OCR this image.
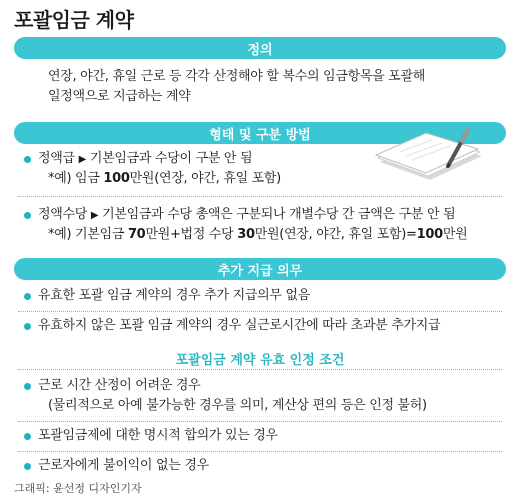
포괄임금 계약
정의
연장, 야간, 휴일 근로 등 각각 산정해야 할 복수의 임금항목을 포괄해
일정액으로 지급하는 계약
형태 및 구분 방법
정액급 ▶ 기본임금과 수당이 구분 안 됨
*예) 임금 100만원(연장, 야간, 휴일 포함)
정액수당 ▶ 기본임금과 수당 총액은 구분되나 개별수당 간 금액은 구분 안 됨
*예) 기본임금 70만원+법정 수당 30만원(연장, 야간, 휴일 포함)=100만원
추가 지급 의무
유효한 포괄 임금 계약의 경우 추가 지급의무 없음
유효하지 않은 포괄 임금 계약의 경우 실근로시간에 따라 초과분 추가지급
포괄임금 계약 유효 인정 조건
근로 시간 산정이 어려운 경우
(물리적으로 아예 불가능한 경우를 의미, 계산상 편의 등은 인정 불허)
포괄임금제에 대한 명시적 합의가 있는 경우
근로자에게 불이익이 없는 경우
그래픽: 윤선정 디자인기자
